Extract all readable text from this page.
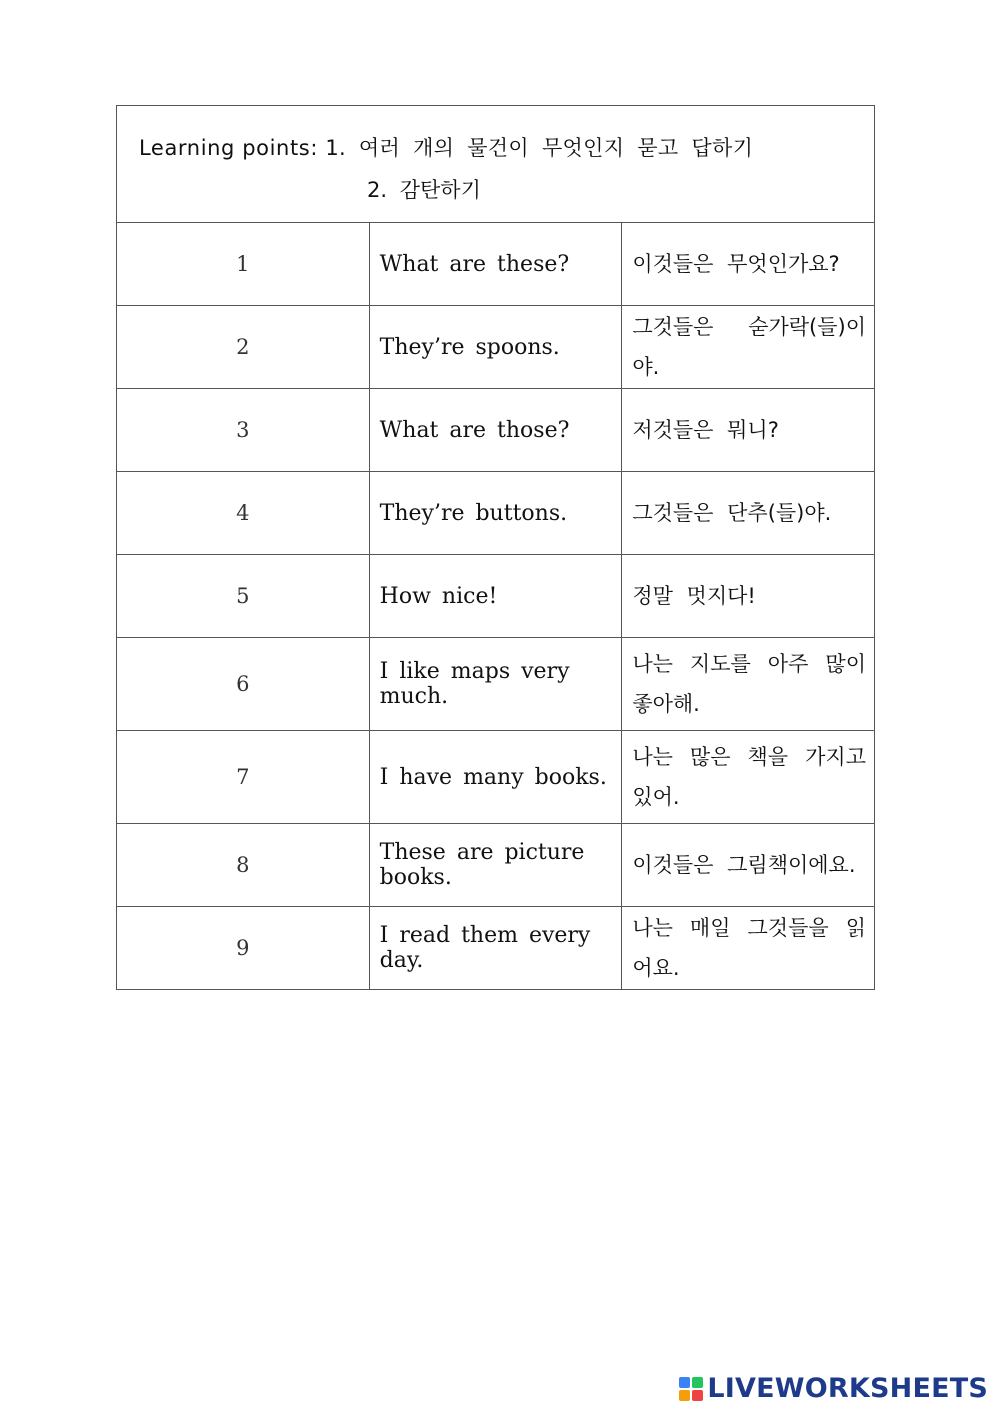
Learning points: 1. 여러 개의 물건이 무엇인지 묻고 답하기
2. 감탄하기		

1	What are these?	이것들은 무엇인가요?
2	They’re spoons.	그것들은 숟가락(들)이야.
3	What are those?	저것들은 뭐니?
4	They’re buttons.	그것들은 단추(들)야.
5	How nice!	정말 멋지다!
6	I like maps very much.	나는 지도를 아주 많이 좋아해.
7	I have many books.	나는 많은 책을 가지고 있어.
8	These are picture books.	이것들은 그림책이에요.
9	I read them every day.	나는 매일 그것들을 읽어요.
LIVEWORKSHEETS
